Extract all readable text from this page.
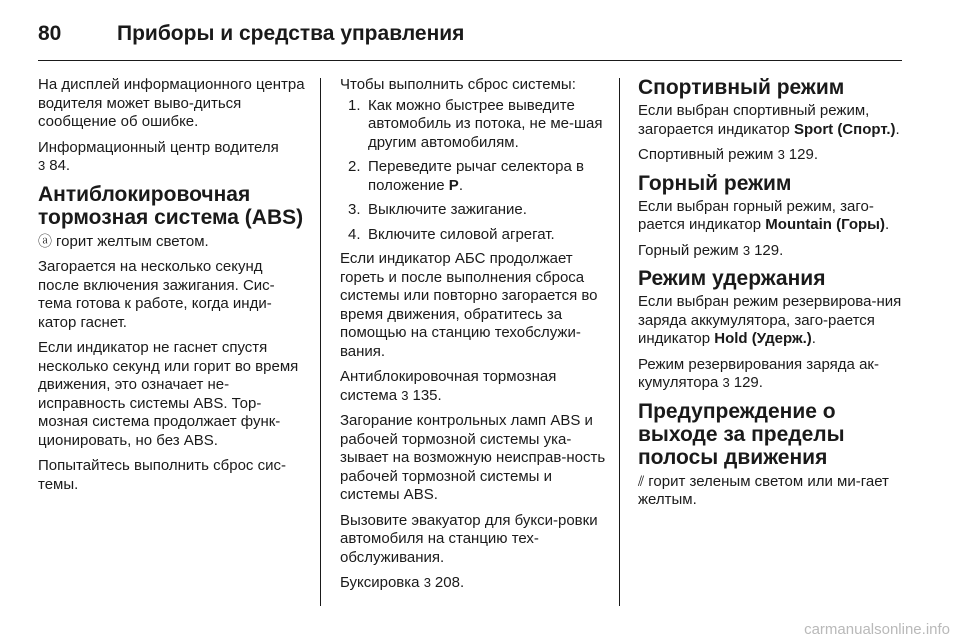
80	Приборы и средства управления

На дисплей информационного центра водителя может выво-диться сообщение об ошибке.

Информационный центр водителя
3 84.

Антиблокировочная тормозная система (ABS)

ⓐ горит желтым светом.

Загорается на несколько секунд после включения зажигания. Сис-тема готова к работе, когда инди-катор гаснет.

Если индикатор не гаснет спустя несколько секунд или горит во время движения, это означает не-исправность системы ABS. Тор-мозная система продолжает функ-ционировать, но без ABS.

Попытайтесь выполнить сброс сис-темы.

Чтобы выполнить сброс системы:

1. Как можно быстрее выведите автомобиль из потока, не ме-шая другим автомобилям.
2. Переведите рычаг селектора в положение P.
3. Выключите зажигание.
4. Включите силовой агрегат.

Если индикатор АБС продолжает гореть и после выполнения сброса системы или повторно загорается во время движения, обратитесь за помощью на станцию техобслужи-вания.

Антиблокировочная тормозная система 3 135.

Загорание контрольных ламп ABS и рабочей тормозной системы ука-зывает на возможную неисправ-ность рабочей тормозной системы и системы ABS.

Вызовите эвакуатор для букси-ровки автомобиля на станцию тех-обслуживания.

Буксировка 3 208.

Спортивный режим

Если выбран спортивный режим, загорается индикатор Sport (Спорт.).

Спортивный режим 3 129.

Горный режим

Если выбран горный режим, заго-рается индикатор Mountain (Горы).

Горный режим 3 129.

Режим удержания

Если выбран режим резервирова-ния заряда аккумулятора, заго-рается индикатор Hold (Удерж.).

Режим резервирования заряда ак-кумулятора 3 129.

Предупреждение о выходе за пределы полосы движения

⫽ горит зеленым светом или ми-гает желтым.

carmanualsonline.info
